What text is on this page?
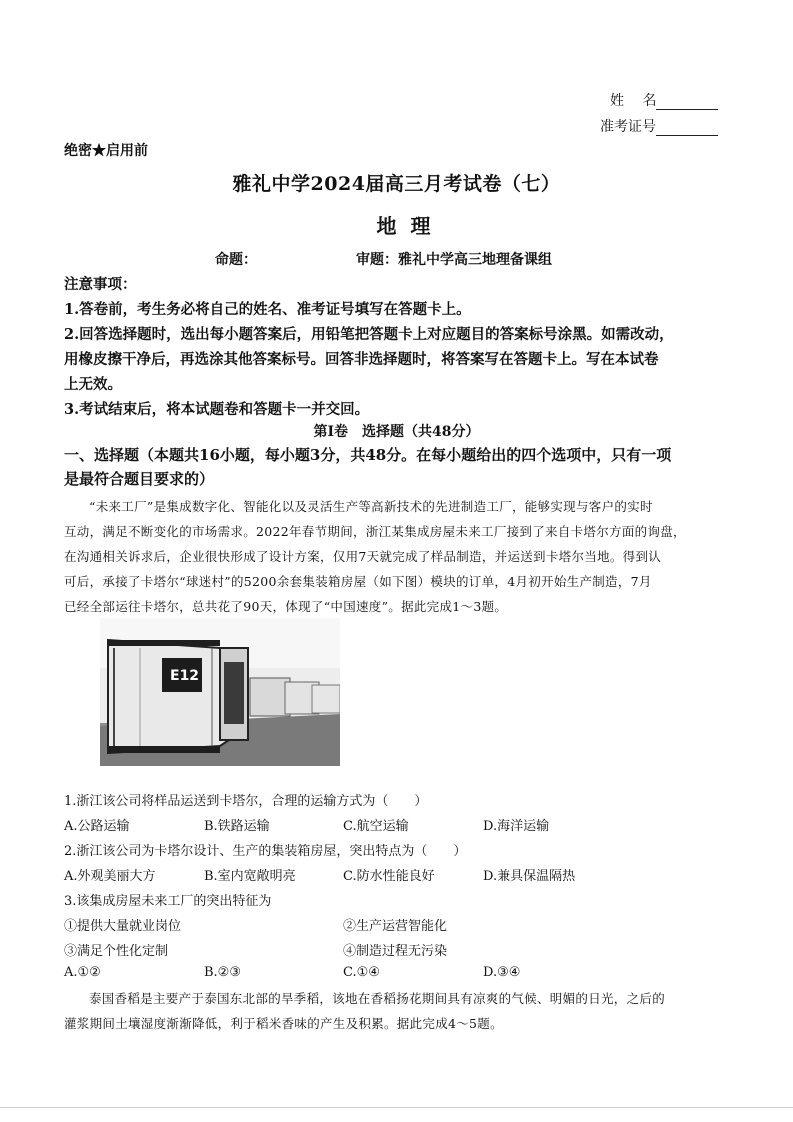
姓　 名
准考证号
绝密★启用前
雅礼中学2024届高三月考试卷（七）
地理
命题：	审题：雅礼中学高三地理备课组
注意事项：
1.答卷前，考生务必将自己的姓名、准考证号填写在答题卡上。
2.回答选择题时，选出每小题答案后，用铅笔把答题卡上对应题目的答案标号涂黑。如需改动，
用橡皮擦干净后，再选涂其他答案标号。回答非选择题时，将答案写在答题卡上。写在本试卷
上无效。
3.考试结束后，将本试题卷和答题卡一并交回。
第Ⅰ卷　选择题（共48分）
一、选择题（本题共16小题，每小题3分，共48分。在每小题给出的四个选项中，只有一项
是最符合题目要求的）
“未来工厂”是集成数字化、智能化以及灵活生产等高新技术的先进制造工厂，能够实现与客户的实时
互动，满足不断变化的市场需求。2022年春节期间，浙江某集成房屋未来工厂接到了来自卡塔尔方面的询盘，
在沟通相关诉求后，企业很快形成了设计方案，仅用7天就完成了样品制造，并运送到卡塔尔当地。得到认
可后，承接了卡塔尔“球迷村”的5200余套集装箱房屋（如下图）模块的订单，4月初开始生产制造，7月
已经全部运往卡塔尔，总共花了90天，体现了“中国速度”。据此完成1～3题。
E12
1.浙江该公司将样品运送到卡塔尔，合理的运输方式为（　　）
A.公路运输	B.铁路运输	C.航空运输	D.海洋运输
2.浙江该公司为卡塔尔设计、生产的集装箱房屋，突出特点为（　　）
A.外观美丽大方	B.室内宽敞明亮	C.防水性能良好	D.兼具保温隔热
3.该集成房屋未来工厂的突出特征为
①提供大量就业岗位	②生产运营智能化
③满足个性化定制	④制造过程无污染
A.①②	B.②③	C.①④	D.③④
泰国香稻是主要产于泰国东北部的旱季稻，该地在香稻扬花期间具有凉爽的气候、明媚的日光，之后的
灌浆期间土壤湿度渐渐降低，利于稻米香味的产生及积累。据此完成4～5题。
